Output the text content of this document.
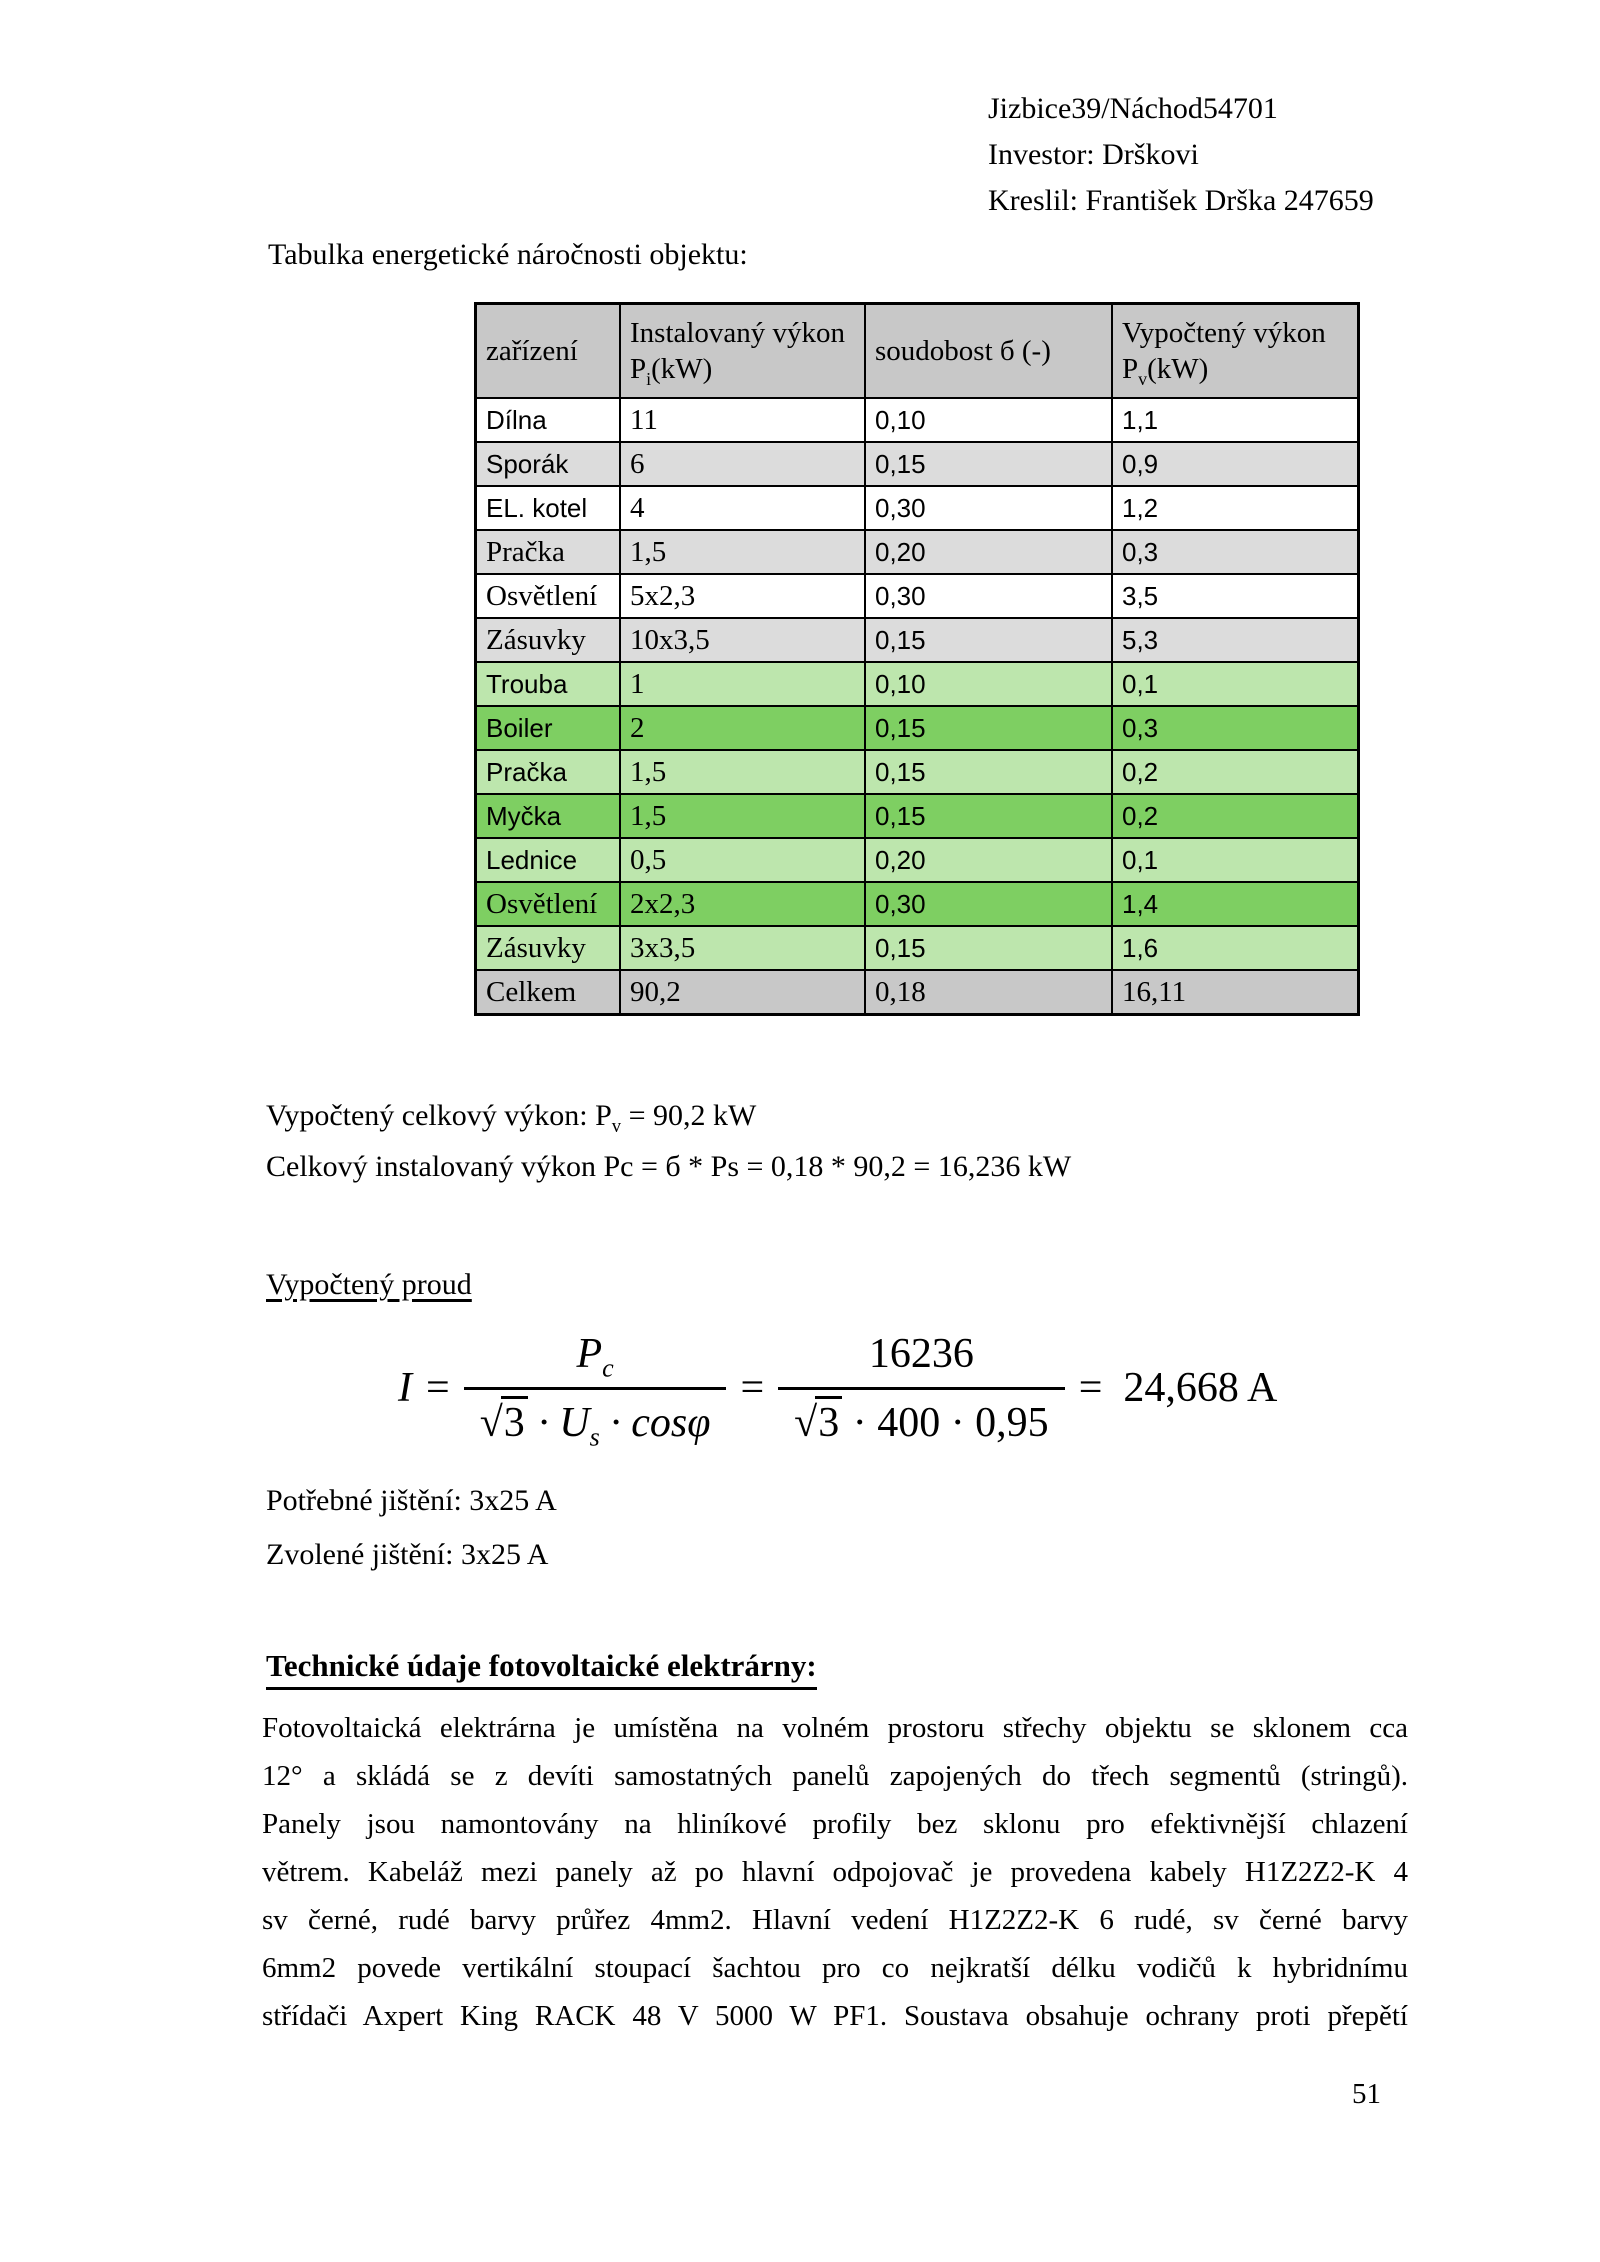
Jizbice39/Náchod54701
Investor: Drškovi
Kreslil: František Drška 247659
Tabulka energetické náročnosti objektu:
zařízení	Instalovaný výkon $P_i(kW)$	soudobost б (-)	Vypočtený výkon $P_v(kW)$
Dílna	11	0,10	1,1
Sporák	6	0,15	0,9
EL. kotel	4	0,30	1,2
Pračka	1,5	0,20	0,3
Osvětlení	5x2,3	0,30	3,5
Zásuvky	10x3,5	0,15	5,3
Trouba	1	0,10	0,1
Boiler	2	0,15	0,3
Pračka	1,5	0,15	0,2
Myčka	1,5	0,15	0,2
Lednice	0,5	0,20	0,1
Osvětlení	2x2,3	0,30	1,4
Zásuvky	3x3,5	0,15	1,6
Celkem	90,2	0,18	16,11
Vypočtený celkový výkon: $P_v = 90,2$ kW
Celkový instalovaný výkon Pc = б * Ps = 0,18 * 90,2 = 16,236 kW
Vypočtený proud
$I = \frac{P_c}{√3 \cdot U_s \cdot \cos\varphi} = \frac{16236}{√3 \cdot 400 \cdot 0,95} = 24,668$ A
Potřebné jištění: 3x25 A
Zvolené jištění: 3x25 A
Technické údaje fotovoltaické elektrárny:
Fotovoltaická elektrárna je umístěna na volném prostoru střechy objektu se sklonem cca
12° a skládá se z devíti samostatných panelů zapojených do třech segmentů (stringů).
Panely jsou namontovány na hliníkové profily bez sklonu pro efektivnější chlazení
větrem. Kabeláž mezi panely až po hlavní odpojovač je provedena kabely H1Z2Z2-K 4
sv černé, rudé barvy průřez 4mm2. Hlavní vedení H1Z2Z2-K 6 rudé, sv černé barvy
6mm2 povede vertikální stoupací šachtou pro co nejkratší délku vodičů k hybridnímu
střídači Axpert King RACK 48 V 5000 W PF1. Soustava obsahuje ochrany proti přepětí
51
